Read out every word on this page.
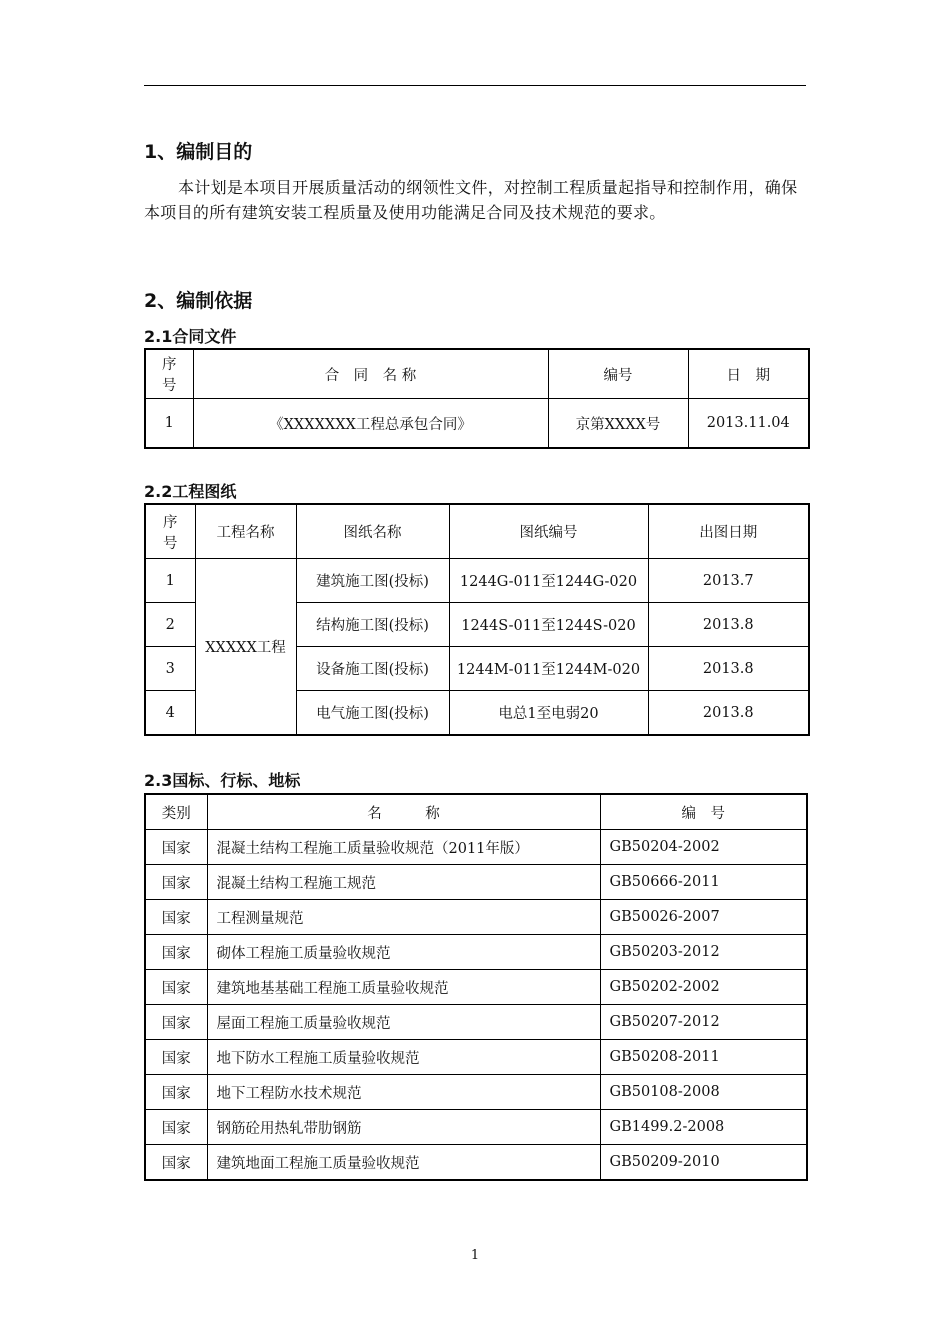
1、编制目的

本计划是本项目开展质量活动的纲领性文件，对控制工程质量起指导和控制作用，确保本项目的所有建筑安装工程质量及使用功能满足合同及技术规范的要求。

2、编制依据
2.1合同文件
序号	合　同　名 称	编号	日　期
1	《XXXXXXX工程总承包合同》	京第XXXX号	2013.11.04
2.2工程图纸
序号	工程名称	图纸名称	图纸编号	出图日期
1	XXXXX工程	建筑施工图(投标)	1244G-011至1244G-020	2013.7
2		结构施工图(投标)	1244S-011至1244S-020	2013.8
3		设备施工图(投标)	1244M-011至1244M-020	2013.8
4		电气施工图(投标)	电总1至电弱20	2013.8
2.3国标、行标、地标
类别	名　　　称	编　号
国家	混凝土结构工程施工质量验收规范（2011年版）	GB50204-2002
国家	混凝土结构工程施工规范	GB50666-2011
国家	工程测量规范	GB50026-2007
国家	砌体工程施工质量验收规范	GB50203-2012
国家	建筑地基基础工程施工质量验收规范	GB50202-2002
国家	屋面工程施工质量验收规范	GB50207-2012
国家	地下防水工程施工质量验收规范	GB50208-2011
国家	地下工程防水技术规范	GB50108-2008
国家	钢筋砼用热轧带肋钢筋	GB1499.2-2008
国家	建筑地面工程施工质量验收规范	GB50209-2010
1
